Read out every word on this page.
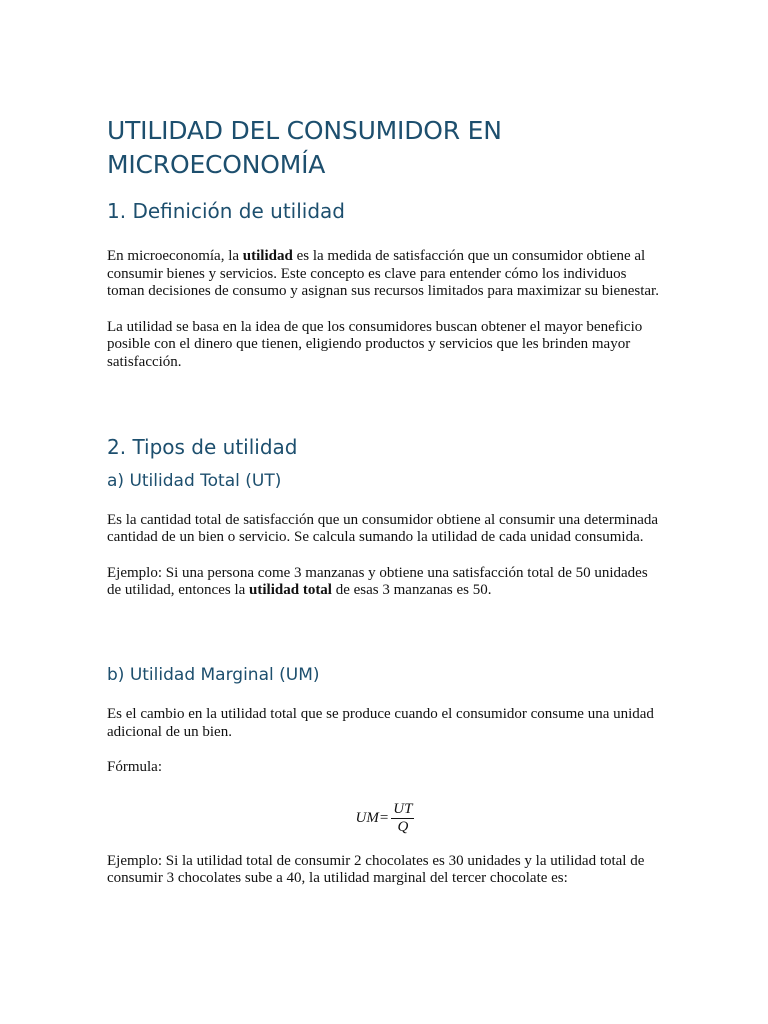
UTILIDAD DEL CONSUMIDOR EN
MICROECONOMÍA
1. Definición de utilidad

En microeconomía, la utilidad es la medida de satisfacción que un consumidor obtiene al consumir bienes y servicios. Este concepto es clave para entender cómo los individuos toman decisiones de consumo y asignan sus recursos limitados para maximizar su bienestar.

La utilidad se basa en la idea de que los consumidores buscan obtener el mayor beneficio posible con el dinero que tienen, eligiendo productos y servicios que les brinden mayor satisfacción.

2. Tipos de utilidad
a) Utilidad Total (UT)

Es la cantidad total de satisfacción que un consumidor obtiene al consumir una determinada cantidad de un bien o servicio. Se calcula sumando la utilidad de cada unidad consumida.

Ejemplo: Si una persona come 3 manzanas y obtiene una satisfacción total de 50 unidades de utilidad, entonces la utilidad total de esas 3 manzanas es 50.

b) Utilidad Marginal (UM)

Es el cambio en la utilidad total que se produce cuando el consumidor consume una unidad adicional de un bien.

Fórmula:

UM = $\frac{UT}{Q}$

Ejemplo: Si la utilidad total de consumir 2 chocolates es 30 unidades y la utilidad total de consumir 3 chocolates sube a 40, la utilidad marginal del tercer chocolate es:
